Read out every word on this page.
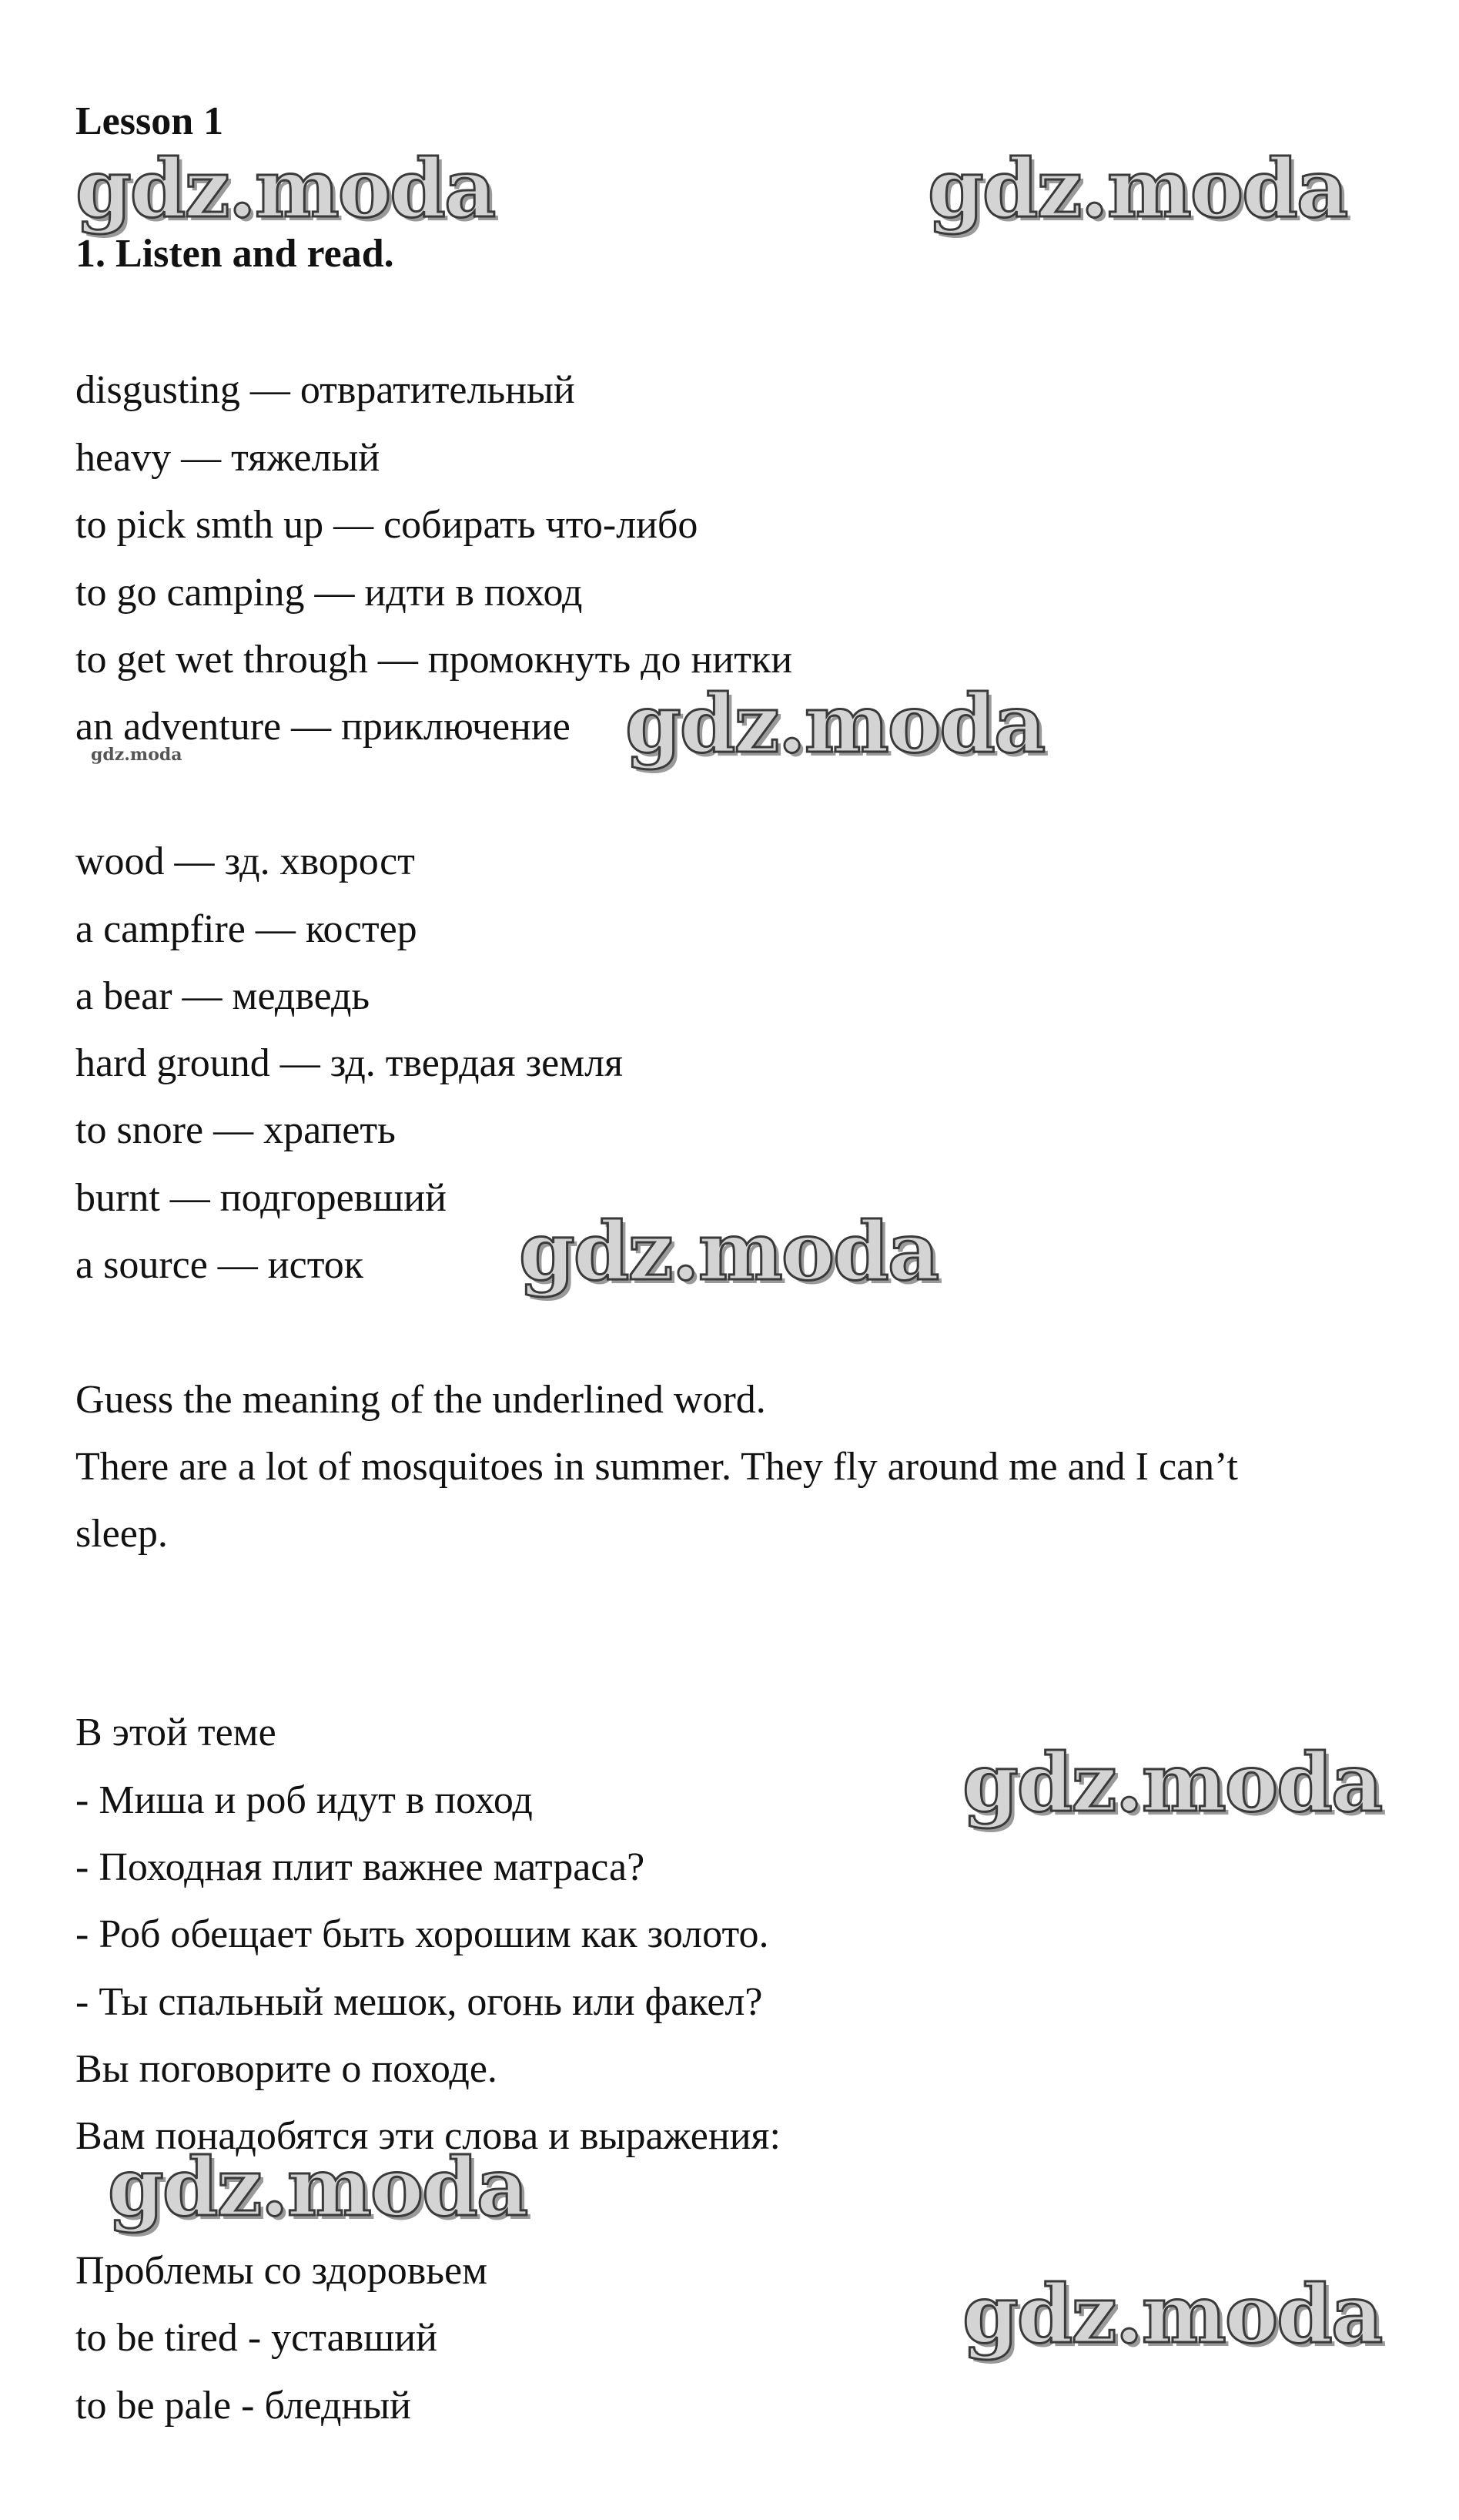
Lesson 1
1. Listen and read.

disgusting — отвратительный

heavy — тяжелый

to pick smth up — собирать что-либо

to go camping — идти в поход

to get wet through — промокнуть до нитки

an adventure — приключение

wood — зд. хворост

a campfire — костер

a bear — медведь

hard ground — зд. твердая земля

to snore — храпеть

burnt — подгоревший

a source — исток

Guess the meaning of the underlined word.

There are a lot of mosquitoes in summer. They fly around me and I can’t

sleep.

В этой теме

- Миша и роб идут в поход

- Походная плит важнее матраса?

- Роб обещает быть хорошим как золото.

- Ты спальный мешок, огонь или факел?

Вы поговорите о походе.

Вам понадобятся эти слова и выражения:

Проблемы со здоровьем

to be tired - уставший

to be pale - бледный

gdz.moda	gdz.moda
gdz.moda
gdz.moda
gdz.moda
gdz.moda
gdz.moda
gdz.moda
